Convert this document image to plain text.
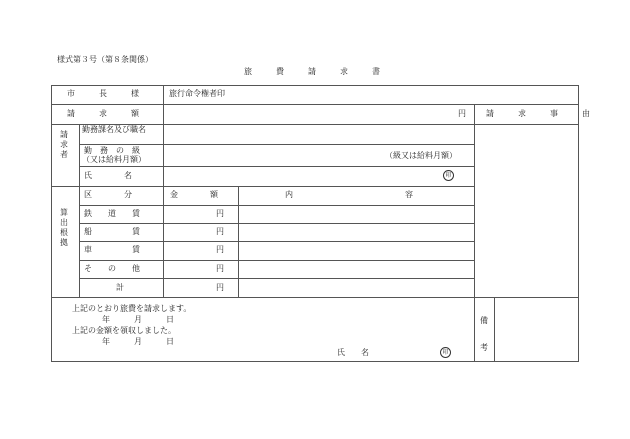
様式第３号（第８条関係）
旅　　　費　　　請　　　求　　　書
市　　　長　　　様	旅行命令権者印
請　　　求　　　額	円	請　　　求　　　事　　　由
請求者
勤務課名及び職名
勤　務　の　級
（又は給料月額）	（級又は給料月額）
氏　　　　名	印
算出根拠
区　　　　分	金　　　　額	内　　　　　　　　　　　　　　容
鉄　　道　　賃	円
船　　　　　賃	円
車　　　　　賃	円
そ　　の　　他	円
計	円
上記のとおり旅費を請求します。
年　　　月　　　日
上記の金額を領収しました。
年　　　月　　　日
氏　　名	印
備考
